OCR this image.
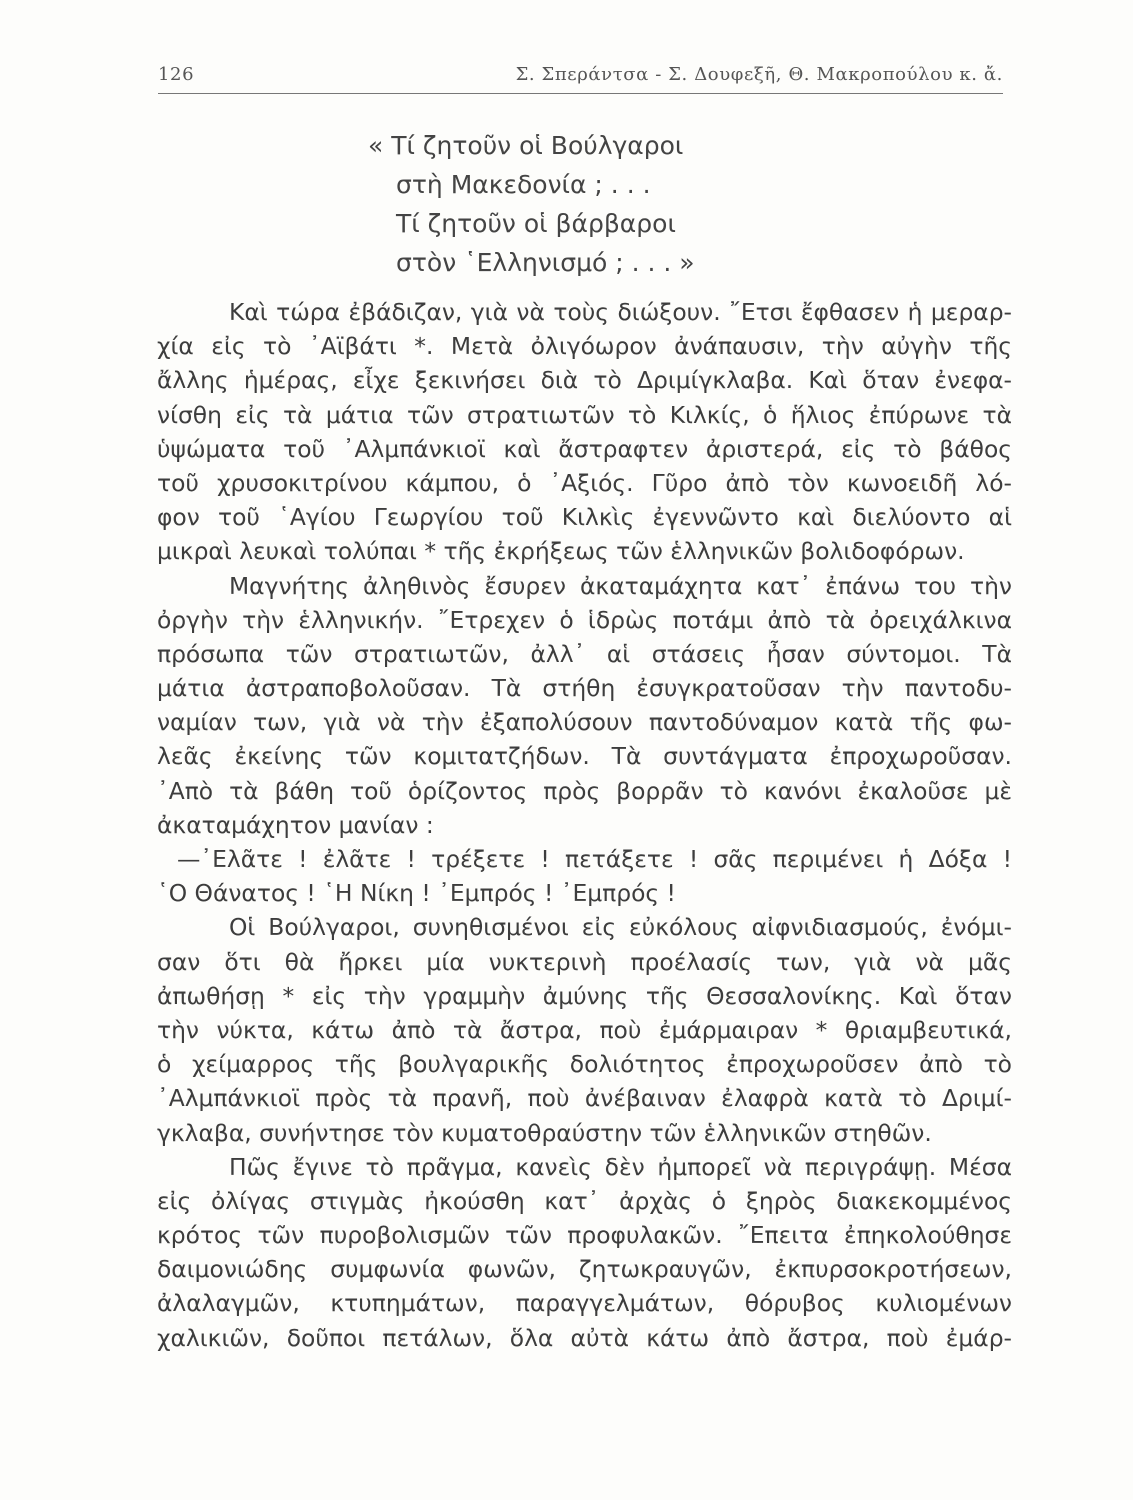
126	Σ. Σπεράντσα - Σ. Δουφεξῆ, Θ. Μακροπούλου κ. ἄ.
« Τί ζητοῦν οἱ Βούλγαροι
στὴ Μακεδονία ; . . .
Τί ζητοῦν οἱ βάρβαροι
στὸν ῾Ελληνισμό ; . . . »
Καὶ τώρα ἐβάδιζαν, γιὰ νὰ τοὺς διώξουν. ῎Ετσι ἔφθασεν ἡ μεραρ-
χία εἰς τὸ ᾿Αϊβάτι *. Μετὰ ὀλιγόωρον ἀνάπαυσιν, τὴν αὐγὴν τῆς
ἄλλης ἡμέρας, εἶχε ξεκινήσει διὰ τὸ Δριμίγκλαβα. Καὶ ὅταν ἐνεφα-
νίσθη εἰς τὰ μάτια τῶν στρατιωτῶν τὸ Κιλκίς, ὁ ἥλιος ἐπύρωνε τὰ
ὑψώματα τοῦ ᾿Αλμπάνκιοϊ καὶ ἄστραφτεν ἀριστερά, εἰς τὸ βάθος
τοῦ χρυσοκιτρίνου κάμπου, ὁ ᾿Αξιός. Γῦρο ἀπὸ τὸν κωνοειδῆ λό-
φον τοῦ ῾Αγίου Γεωργίου τοῦ Κιλκὶς ἐγεννῶντο καὶ διελύοντο αἱ
μικραὶ λευκαὶ τολύπαι * τῆς ἐκρήξεως τῶν ἑλληνικῶν βολιδοφόρων.
Μαγνήτης ἀληθινὸς ἔσυρεν ἀκαταμάχητα κατ᾿ ἐπάνω του τὴν
ὀργὴν τὴν ἑλληνικήν. ῎Ετρεχεν ὁ ἱδρὼς ποτάμι ἀπὸ τὰ ὀρειχάλκινα
πρόσωπα τῶν στρατιωτῶν, ἀλλ᾿ αἱ στάσεις ἦσαν σύντομοι. Τὰ
μάτια ἀστραποβολοῦσαν. Τὰ στήθη ἐσυγκρατοῦσαν τὴν παντοδυ-
ναμίαν των, γιὰ νὰ τὴν ἐξαπολύσουν παντοδύναμον κατὰ τῆς φω-
λεᾶς ἐκείνης τῶν κομιτατζήδων. Τὰ συντάγματα ἐπροχωροῦσαν.
᾿Απὸ τὰ βάθη τοῦ ὁρίζοντος πρὸς βορρᾶν τὸ κανόνι ἐκαλοῦσε μὲ
ἀκαταμάχητον μανίαν :
—᾿Ελᾶτε ! ἐλᾶτε ! τρέξετε ! πετάξετε ! σᾶς περιμένει ἡ Δόξα !
῾Ο Θάνατος ! ῾Η Νίκη ! ᾿Εμπρός ! ᾿Εμπρός !
Οἱ Βούλγαροι, συνηθισμένοι εἰς εὐκόλους αἰφνιδιασμούς, ἐνόμι-
σαν ὅτι θὰ ἤρκει μία νυκτερινὴ προέλασίς των, γιὰ νὰ μᾶς
ἀπωθήσῃ * εἰς τὴν γραμμὴν ἀμύνης τῆς Θεσσαλονίκης. Καὶ ὅταν
τὴν νύκτα, κάτω ἀπὸ τὰ ἄστρα, ποὺ ἐμάρμαιραν * θριαμβευτικά,
ὁ χείμαρρος τῆς βουλγαρικῆς δολιότητος ἐπροχωροῦσεν ἀπὸ τὸ
᾿Αλμπάνκιοϊ πρὸς τὰ πρανῆ, ποὺ ἀνέβαιναν ἐλαφρὰ κατὰ τὸ Δριμί-
γκλαβα, συνήντησε τὸν κυματοθραύστην τῶν ἑλληνικῶν στηθῶν.
Πῶς ἔγινε τὸ πρᾶγμα, κανεὶς δὲν ἠμπορεῖ νὰ περιγράψῃ. Μέσα
εἰς ὀλίγας στιγμὰς ἠκούσθη κατ᾿ ἀρχὰς ὁ ξηρὸς διακεκομμένος
κρότος τῶν πυροβολισμῶν τῶν προφυλακῶν. ῎Επειτα ἐπηκολούθησε
δαιμονιώδης συμφωνία φωνῶν, ζητωκραυγῶν, ἐκπυρσοκροτήσεων,
ἀλαλαγμῶν, κτυπημάτων, παραγγελμάτων, θόρυβος κυλιομένων
χαλικιῶν, δοῦποι πετάλων, ὅλα αὐτὰ κάτω ἀπὸ ἄστρα, ποὺ ἐμάρ-
